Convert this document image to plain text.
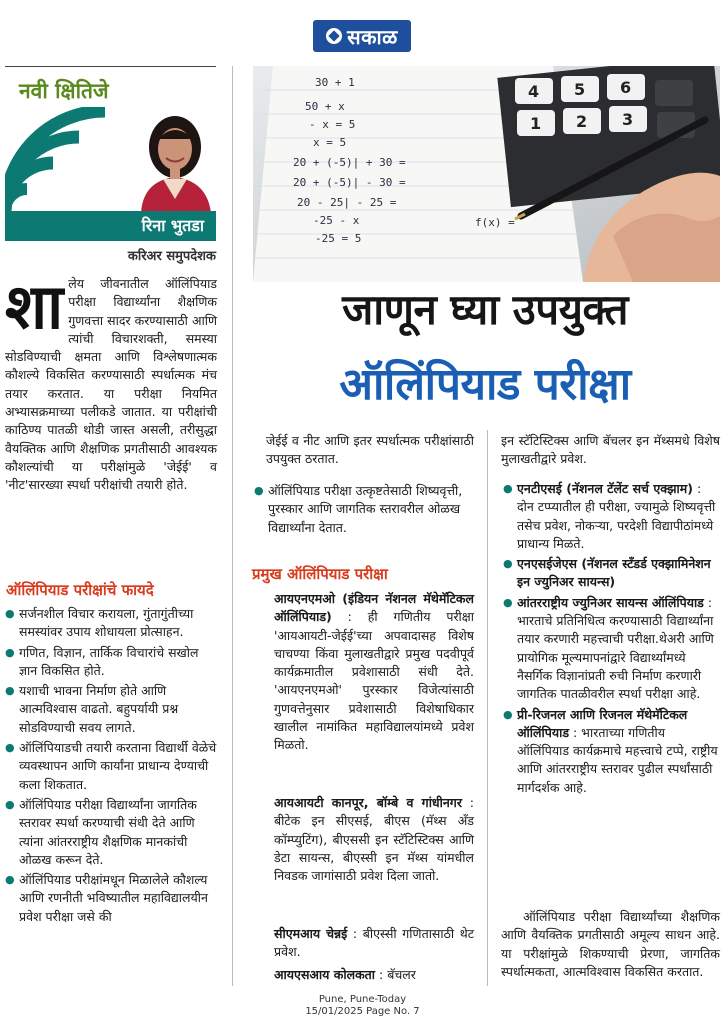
सकाळ
नवी क्षितिजे
रिना भुतडा
करिअर समुपदेशक
शालेय जीवनातील ऑलिंपियाड परीक्षा विद्यार्थ्यांना शैक्षणिक गुणवत्ता सादर करण्यासाठी आणि त्यांची विचारशक्ती, समस्या सोडविण्याची क्षमता आणि विश्लेषणात्मक कौशल्ये विकसित करण्यासाठी स्पर्धात्मक मंच तयार करतात. या परीक्षा नियमित अभ्यासक्रमाच्या पलीकडे जातात. या परीक्षांची काठिण्य पातळी थोडी जास्त असली, तरीसुद्धा वैयक्तिक आणि शैक्षणिक प्रगतीसाठी आवश्यक कौशल्यांची या परीक्षांमुळे 'जेईई' व 'नीट'सारख्या स्पर्धा परीक्षांची तयारी होते.
ऑलिंपियाड परीक्षांचे फायदे
● सर्जनशील विचार करायला, गुंतागुंतीच्या समस्यांवर उपाय शोधायला प्रोत्साहन.
● गणित, विज्ञान, तार्किक विचारांचे सखोल ज्ञान विकसित होते.
● यशाची भावना निर्माण होते आणि आत्मविश्वास वाढतो. बहुपर्यायी प्रश्न सोडविण्याची सवय लागते.
● ऑलिंपियाडची तयारी करताना विद्यार्थी वेळेचे व्यवस्थापन आणि कार्यांना प्राधान्य देण्याची कला शिकतात.
● ऑलिंपियाड परीक्षा विद्यार्थ्यांना जागतिक स्तरावर स्पर्धा करण्याची संधी देते आणि त्यांना आंतरराष्ट्रीय शैक्षणिक मानकांची ओळख करून देते.
● ऑलिंपियाड परीक्षांमधून मिळालेले कौशल्य आणि रणनीती भविष्यातील महाविद्यालयीन प्रवेश परीक्षा जसे की
30 + 1
50 + x
- x = 5
x = 5
20 + (-5)| + 30 =
20 + (-5)| - 30 =
20 - 25| - 25 =
-25 - x
-25 = 5
f(x) =
4 5 6
1 2 3
जाणून घ्या उपयुक्त
ऑलिंपियाड परीक्षा
जेईई व नीट आणि इतर स्पर्धात्मक परीक्षांसाठी उपयुक्त ठरतात.
● ऑलिंपियाड परीक्षा उत्कृष्टतेसाठी शिष्यवृत्ती, पुरस्कार आणि जागतिक स्तरावरील ओळख विद्यार्थ्यांना देतात.
प्रमुख ऑलिंपियाड परीक्षा
आयएनएमओ (इंडियन नॅशनल मॅथेमॅटिकल ऑलिंपियाड) : ही गणितीय परीक्षा 'आयआयटी-जेईई'च्या अपवादासह विशेष चाचण्या किंवा मुलाखतीद्वारे प्रमुख पदवीपूर्व कार्यक्रमातील प्रवेशासाठी संधी देते. 'आयएनएमओ' पुरस्कार विजेत्यांसाठी गुणवत्तेनुसार प्रवेशासाठी विशेषाधिकार खालील नामांकित महाविद्यालयांमध्ये प्रवेश मिळतो.
आयआयटी कानपूर, बॉम्बे व गांधीनगर : बीटेक इन सीएसई, बीएस (मॅथ्स अँड कॉम्प्युटिंग), बीएससी इन स्टॅटिस्टिक्स आणि डेटा सायन्स, बीएस्सी इन मॅथ्स यांमधील निवडक जागांसाठी प्रवेश दिला जातो.
सीएमआय चेन्नई : बीएस्सी गणितासाठी थेट प्रवेश.
आयएसआय कोलकता : बॅचलर
इन स्टॅटिस्टिक्स आणि बॅचलर इन मॅथ्समधे विशेष मुलाखतीद्वारे प्रवेश.
● एनटीएसई (नॅशनल टॅलेंट सर्च एक्झाम) : दोन टप्प्यातील ही परीक्षा, ज्यामुळे शिष्यवृत्ती तसेच प्रवेश, नोकऱ्या, परदेशी विद्यापीठांमध्ये प्राधान्य मिळते.
● एनएसईजेएस (नॅशनल स्टँडर्ड एक्झामिनेशन इन ज्युनिअर सायन्स)
● आंतरराष्ट्रीय ज्युनिअर सायन्स ऑलिंपियाड : भारताचे प्रतिनिधित्व करण्यासाठी विद्यार्थ्यांना तयार करणारी महत्त्वाची परीक्षा.थेअरी आणि प्रायोगिक मूल्यमापनांद्वारे विद्यार्थ्यांमध्ये नैसर्गिक विज्ञानांप्रती रुची निर्माण करणारी जागतिक पातळीवरील स्पर्धा परीक्षा आहे.
● प्री-रिजनल आणि रिजनल मॅथेमॅटिकल ऑलिंपियाड : भारताच्या गणितीय ऑलिंपियाड कार्यक्रमाचे महत्त्वाचे टप्पे, राष्ट्रीय आणि आंतरराष्ट्रीय स्तरावर पुढील स्पर्धांसाठी मार्गदर्शक आहे.
ऑलिंपियाड परीक्षा विद्यार्थ्यांच्या शैक्षणिक आणि वैयक्तिक प्रगतीसाठी अमूल्य साधन आहे. या परीक्षांमुळे शिकण्याची प्रेरणा, जागतिक स्पर्धात्मकता, आत्मविश्वास विकसित करतात.
Pune, Pune-Today
15/01/2025 Page No. 7
